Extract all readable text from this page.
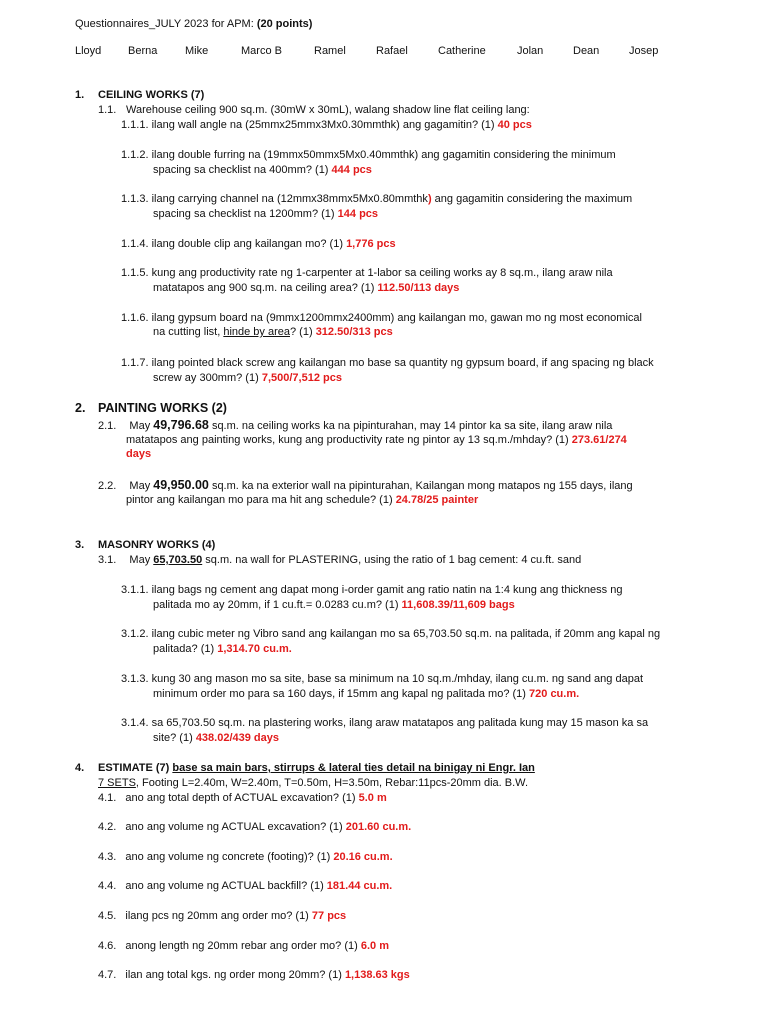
Questionnaires_JULY 2023 for APM: (20 points)
Lloyd Berna	Mike	Marco B	Ramel	Rafael	Catherine	Jolan	Dean	Josep
1. CEILING WORKS (7)
1.1. Warehouse ceiling 900 sq.m. (30mW x 30mL), walang shadow line flat ceiling lang:
1.1.1. ilang wall angle na (25mmx25mmx3Mx0.30mmthk) ang gagamitin? (1) 40 pcs
1.1.2. ilang double furring na (19mmx50mmx5Mx0.40mmthk) ang gagamitin considering the minimum
spacing sa checklist na 400mm? (1) 444 pcs
1.1.3. ilang carrying channel na (12mmx38mmx5Mx0.80mmthk) ang gagamitin considering the maximum
spacing sa checklist na 1200mm? (1) 144 pcs
1.1.4. ilang double clip ang kailangan mo? (1) 1,776 pcs
1.1.5. kung ang productivity rate ng 1-carpenter at 1-labor sa ceiling works ay 8 sq.m., ilang araw nila
matatapos ang 900 sq.m. na ceiling area? (1) 112.50/113 days
1.1.6. ilang gypsum board na (9mmx1200mmx2400mm) ang kailangan mo, gawan mo ng most economical
na cutting list, hinde by area? (1) 312.50/313 pcs
1.1.7. ilang pointed black screw ang kailangan mo base sa quantity ng gypsum board, if ang spacing ng black
screw ay 300mm? (1) 7,500/7,512 pcs
2. PAINTING WORKS (2)
2.1. May 49,796.68 sq.m. na ceiling works ka na pipinturahan, may 14 pintor ka sa site, ilang araw nila
matatapos ang painting works, kung ang productivity rate ng pintor ay 13 sq.m./mhday? (1) 273.61/274
days
2.2. May 49,950.00 sq.m. ka na exterior wall na pipinturahan, Kailangan mong matapos ng 155 days, ilang
pintor ang kailangan mo para ma hit ang schedule? (1) 24.78/25 painter
3. MASONRY WORKS (4)
3.1. May 65,703.50 sq.m. na wall for PLASTERING, using the ratio of 1 bag cement: 4 cu.ft. sand
3.1.1. ilang bags ng cement ang dapat mong i-order gamit ang ratio natin na 1:4 kung ang thickness ng
palitada mo ay 20mm, if 1 cu.ft.= 0.0283 cu.m? (1) 11,608.39/11,609 bags
3.1.2. ilang cubic meter ng Vibro sand ang kailangan mo sa 65,703.50 sq.m. na palitada, if 20mm ang kapal ng
palitada? (1) 1,314.70 cu.m.
3.1.3. kung 30 ang mason mo sa site, base sa minimum na 10 sq.m./mhday, ilang cu.m. ng sand ang dapat
minimum order mo para sa 160 days, if 15mm ang kapal ng palitada mo? (1) 720 cu.m.
3.1.4. sa 65,703.50 sq.m. na plastering works, ilang araw matatapos ang palitada kung may 15 mason ka sa
site? (1) 438.02/439 days
4. ESTIMATE (7) base sa main bars, stirrups & lateral ties detail na binigay ni Engr. Ian
7 SETS, Footing L=2.40m, W=2.40m, T=0.50m, H=3.50m, Rebar:11pcs-20mm dia. B.W.
4.1. ano ang total depth of ACTUAL excavation? (1) 5.0 m
4.2. ano ang volume ng ACTUAL excavation? (1) 201.60 cu.m.
4.3. ano ang volume ng concrete (footing)? (1) 20.16 cu.m.
4.4. ano ang volume ng ACTUAL backfill? (1) 181.44 cu.m.
4.5. ilang pcs ng 20mm ang order mo? (1) 77 pcs
4.6. anong length ng 20mm rebar ang order mo? (1) 6.0 m
4.7. ilan ang total kgs. ng order mong 20mm? (1) 1,138.63 kgs
